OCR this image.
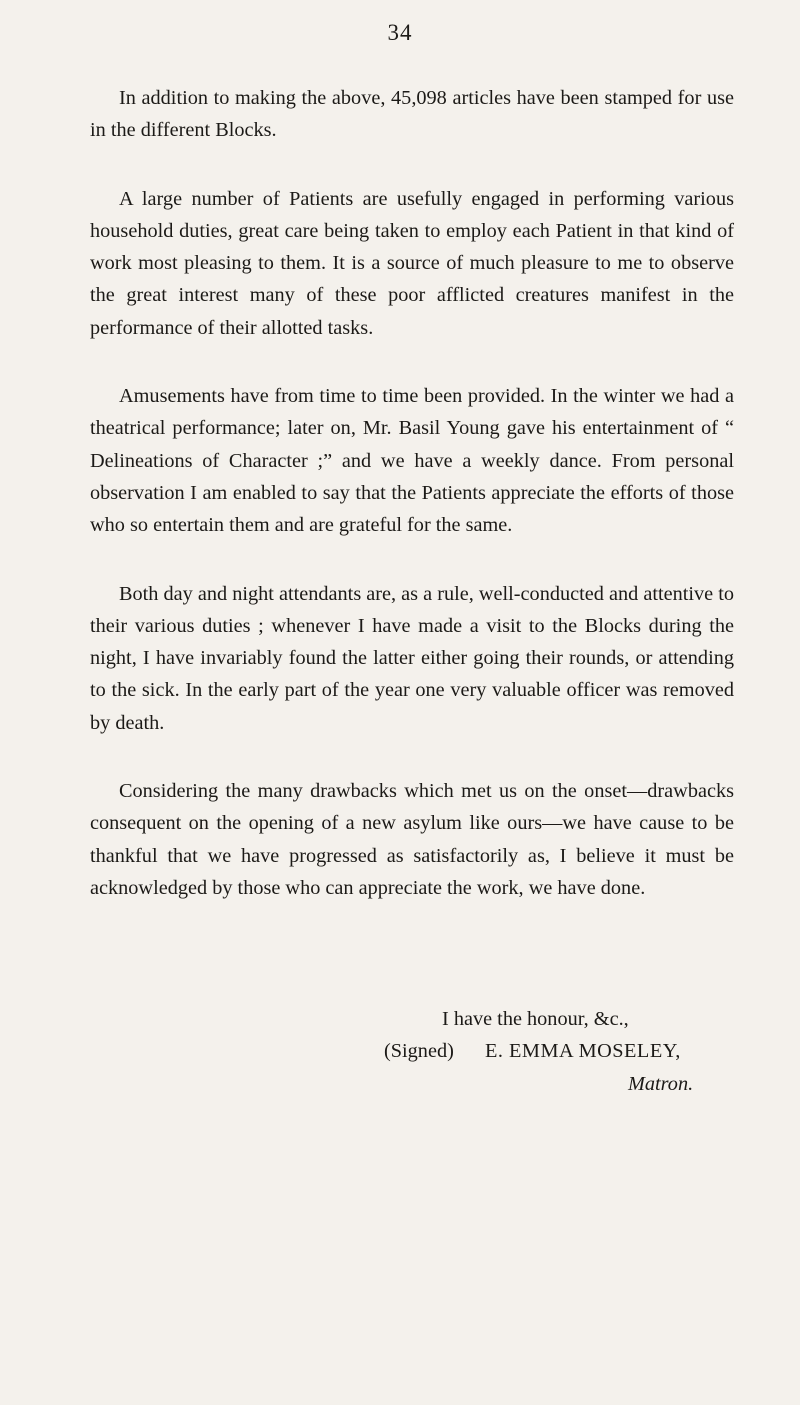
34

In addition to making the above, 45,098 articles have been stamped for use in the different Blocks.

A large number of Patients are usefully engaged in performing various household duties, great care being taken to employ each Patient in that kind of work most pleasing to them. It is a source of much pleasure to me to observe the great interest many of these poor afflicted creatures manifest in the performance of their allotted tasks.

Amusements have from time to time been provided. In the winter we had a theatrical performance; later on, Mr. Basil Young gave his entertainment of “ Delineations of Character ;” and we have a weekly dance. From personal observation I am enabled to say that the Patients appreciate the efforts of those who so entertain them and are grateful for the same.

Both day and night attendants are, as a rule, well-conducted and attentive to their various duties ; whenever I have made a visit to the Blocks during the night, I have invariably found the latter either going their rounds, or attending to the sick. In the early part of the year one very valuable officer was removed by death.

Considering the many drawbacks which met us on the onset—drawbacks consequent on the opening of a new asylum like ours—we have cause to be thankful that we have progressed as satisfactorily as, I believe it must be acknowledged by those who can appreciate the work, we have done.

I have the honour, &c.,
(Signed) E. EMMA MOSELEY,
Matron.
